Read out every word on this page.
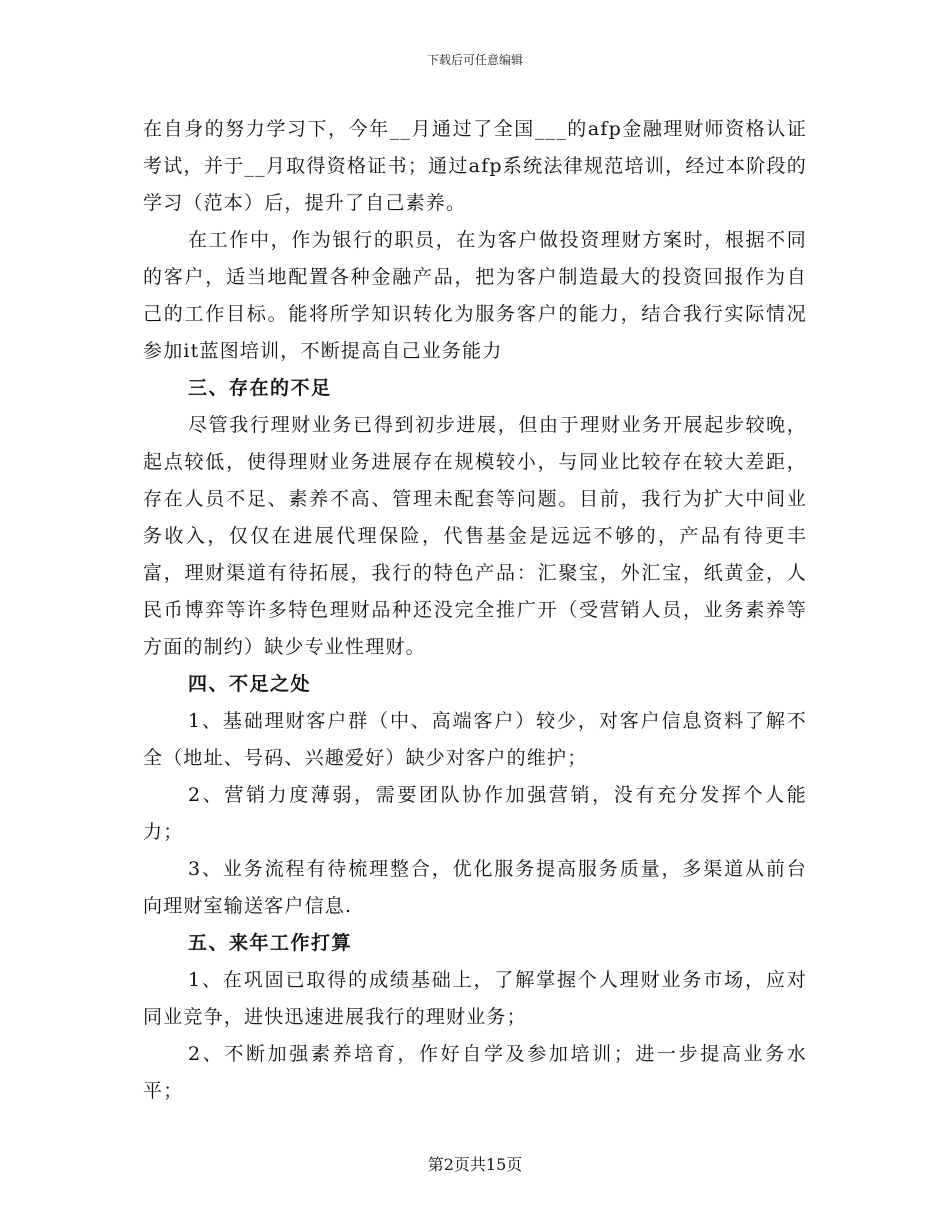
下载后可任意编辑

在自身的努力学习下，今年__月通过了全国___的afp金融理财师资格认证考试，并于__月取得资格证书；通过afp系统法律规范培训，经过本阶段的学习（范本）后，提升了自己素养。

在工作中，作为银行的职员，在为客户做投资理财方案时，根据不同的客户，适当地配置各种金融产品，把为客户制造最大的投资回报作为自己的工作目标。能将所学知识转化为服务客户的能力，结合我行实际情况参加it蓝图培训，不断提高自己业务能力

三、存在的不足

尽管我行理财业务已得到初步进展，但由于理财业务开展起步较晚，起点较低，使得理财业务进展存在规模较小，与同业比较存在较大差距，存在人员不足、素养不高、管理未配套等问题。目前，我行为扩大中间业务收入，仅仅在进展代理保险，代售基金是远远不够的，产品有待更丰富，理财渠道有待拓展，我行的特色产品：汇聚宝，外汇宝，纸黄金，人民币博弈等许多特色理财品种还没完全推广开（受营销人员，业务素养等方面的制约）缺少专业性理财。

四、不足之处

1、基础理财客户群（中、高端客户）较少，对客户信息资料了解不全（地址、号码、兴趣爱好）缺少对客户的维护；

2、营销力度薄弱，需要团队协作加强营销，没有充分发挥个人能力；

3、业务流程有待梳理整合，优化服务提高服务质量，多渠道从前台向理财室输送客户信息.

五、来年工作打算

1、在巩固已取得的成绩基础上，了解掌握个人理财业务市场，应对同业竞争，进快迅速进展我行的理财业务；

2、不断加强素养培育，作好自学及参加培训；进一步提高业务水平；

第2页共15页
